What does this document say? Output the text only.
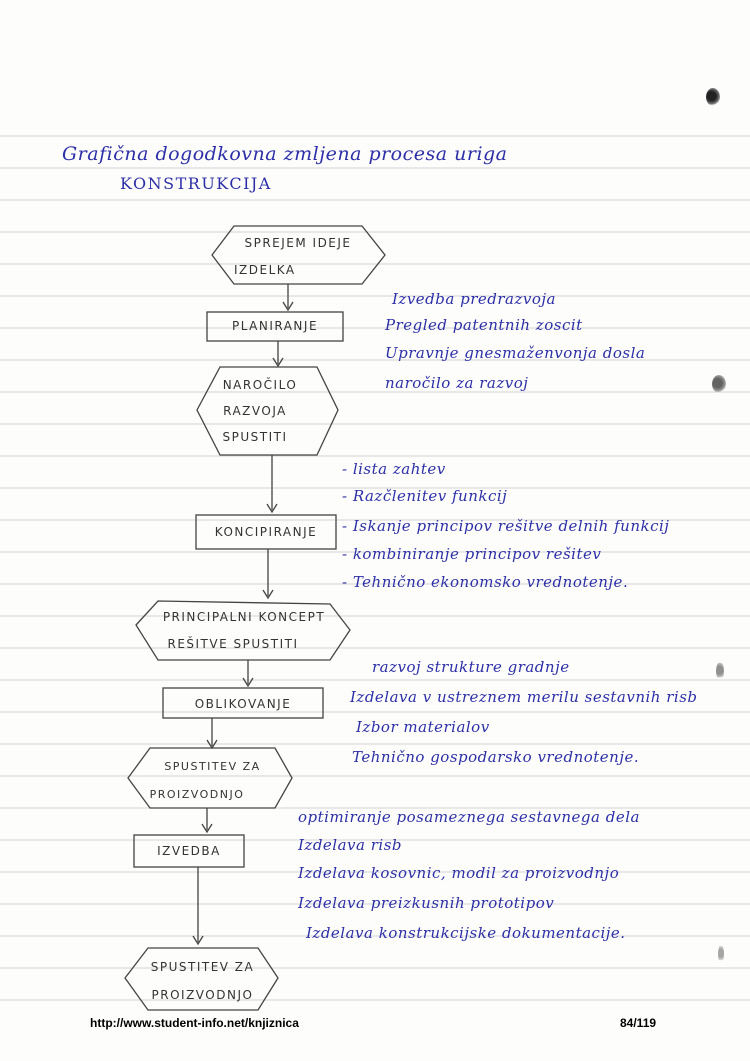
Grafična dogodkovna zmljena procesa uriga
KONSTRUKCIJA
SPREJEM IDEJE
IZDELKA
PLANIRANJE
NAROČILO
RAZVOJA
SPUSTITI
KONCIPIRANJE
PRINCIPALNI KONCEPT
REŠITVE SPUSTITI
OBLIKOVANJE
SPUSTITEV ZA
PROIZVODNJO
IZVEDBA
SPUSTITEV ZA
PROIZVODNJO
Izvedba predrazvoja
Pregled patentnih zoscit
Upravnje gnesmaženvonja dosla
naročilo za razvoj
- lista zahtev
- Razčlenitev funkcij
- Iskanje principov rešitve delnih funkcij
- kombiniranje principov rešitev
- Tehnično ekonomsko vrednotenje.
razvoj strukture gradnje
Izdelava v ustreznem merilu sestavnih risb
Izbor materialov
Tehnično gospodarsko vrednotenje.
optimiranje posameznega sestavnega dela
Izdelava risb
Izdelava kosovnic, modil za proizvodnjo
Izdelava preizkusnih prototipov
Izdelava konstrukcijske dokumentacije.
http://www.student-info.net/knjiznica	84/119
